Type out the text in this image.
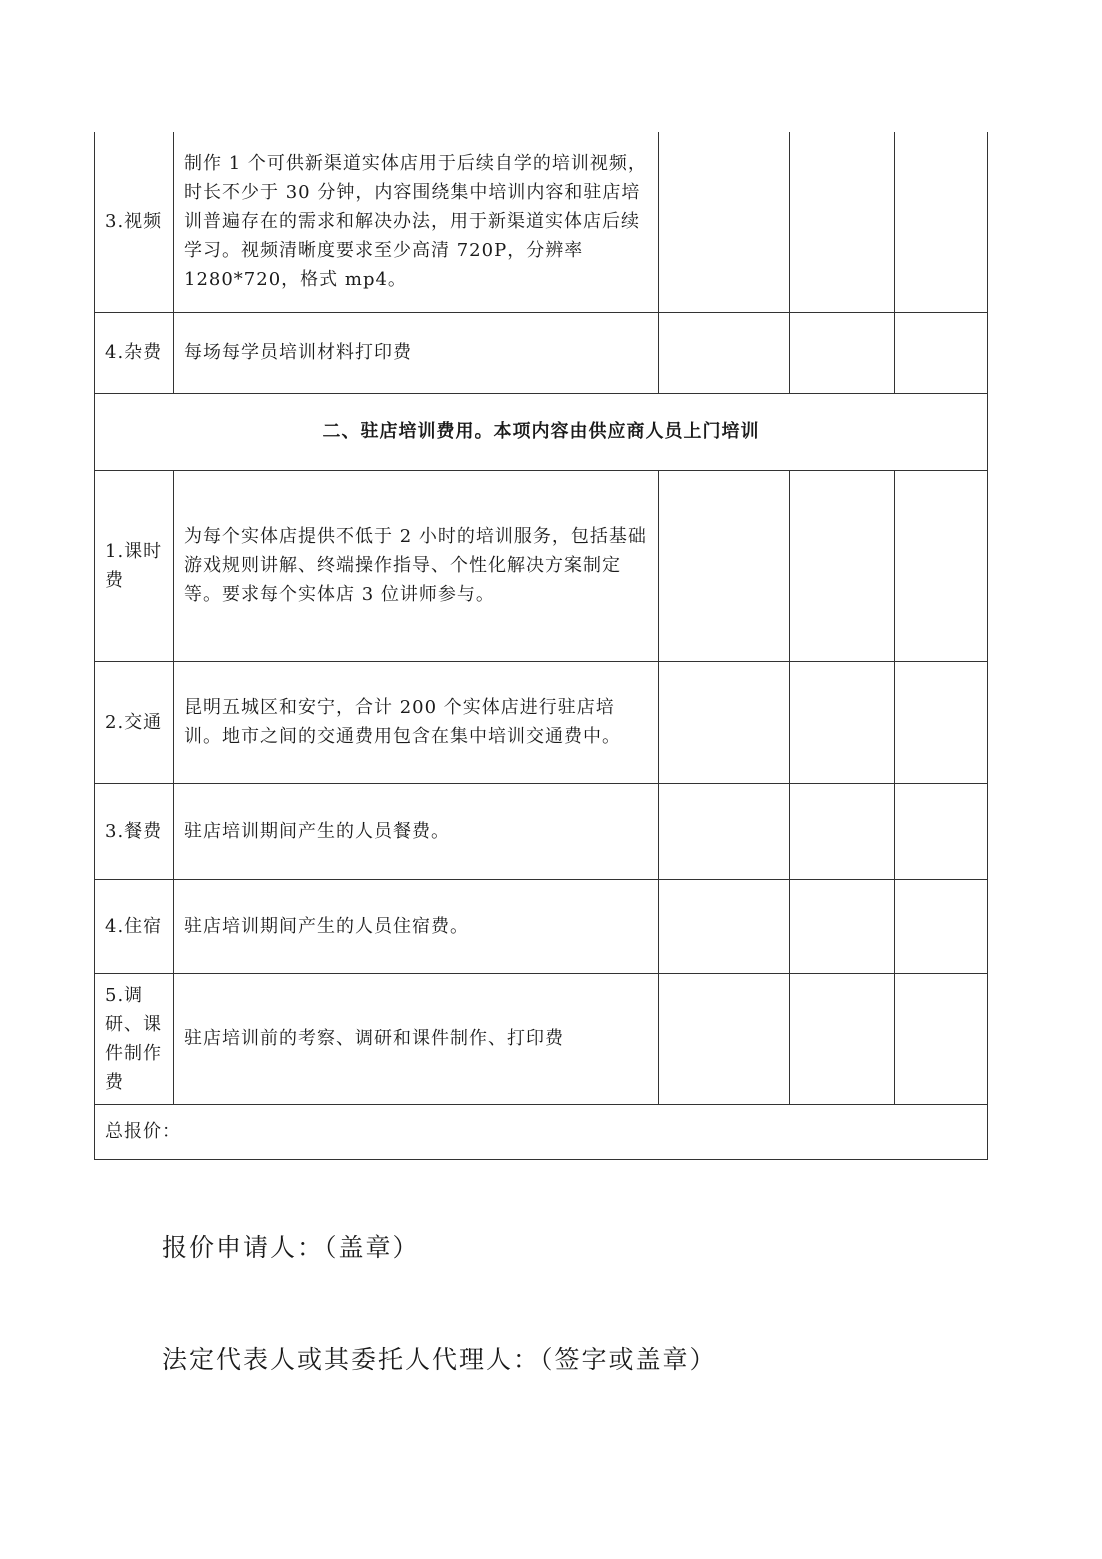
3.视频	制作 1 个可供新渠道实体店用于后续自学的培训视频，时长不少于 30 分钟，内容围绕集中培训内容和驻店培训普遍存在的需求和解决办法，用于新渠道实体店后续学习。视频清晰度要求至少高清 720P，分辨率 1280*720，格式 mp4。			
4.杂费	每场每学员培训材料打印费			
二、驻店培训费用。本项内容由供应商人员上门培训				
1.课时费	为每个实体店提供不低于 2 小时的培训服务，包括基础游戏规则讲解、终端操作指导、个性化解决方案制定等。要求每个实体店 3 位讲师参与。			
2.交通	昆明五城区和安宁，合计 200 个实体店进行驻店培训。地市之间的交通费用包含在集中培训交通费中。			
3.餐费	驻店培训期间产生的人员餐费。			
4.住宿	驻店培训期间产生的人员住宿费。			
5.调研、课件制作费	驻店培训前的考察、调研和课件制作、打印费			
总报价：				
报价申请人：（盖章）
法定代表人或其委托人代理人：（签字或盖章）
